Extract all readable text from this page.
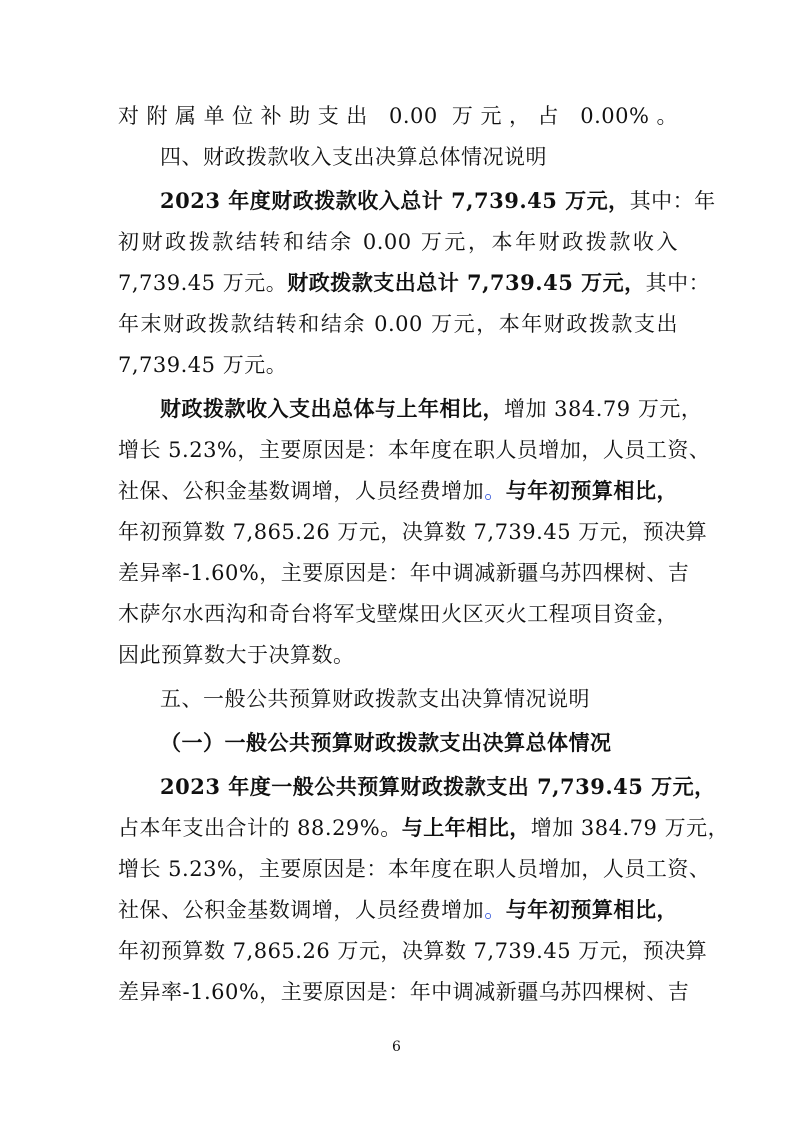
对附属单位补助支出 0.00 万元，占 0.00%。
四、财政拨款收入支出决算总体情况说明
2023 年度财政拨款收入总计 7,739.45 万元，其中：年
初财政拨款结转和结余 0.00 万元，本年财政拨款收入
7,739.45 万元。财政拨款支出总计 7,739.45 万元，其中：
年末财政拨款结转和结余 0.00 万元，本年财政拨款支出
7,739.45 万元。
财政拨款收入支出总体与上年相比，增加 384.79 万元，
增长 5.23%，主要原因是：本年度在职人员增加，人员工资、
社保、公积金基数调增，人员经费增加。与年初预算相比，
年初预算数 7,865.26 万元，决算数 7,739.45 万元，预决算
差异率-1.60%，主要原因是：年中调减新疆乌苏四棵树、吉
木萨尔水西沟和奇台将军戈壁煤田火区灭火工程项目资金，
因此预算数大于决算数。
五、一般公共预算财政拨款支出决算情况说明
（一）一般公共预算财政拨款支出决算总体情况
2023 年度一般公共预算财政拨款支出 7,739.45 万元，
占本年支出合计的 88.29%。与上年相比，增加 384.79 万元，
增长 5.23%，主要原因是：本年度在职人员增加，人员工资、
社保、公积金基数调增，人员经费增加。与年初预算相比，
年初预算数 7,865.26 万元，决算数 7,739.45 万元，预决算
差异率-1.60%，主要原因是：年中调减新疆乌苏四棵树、吉
6
